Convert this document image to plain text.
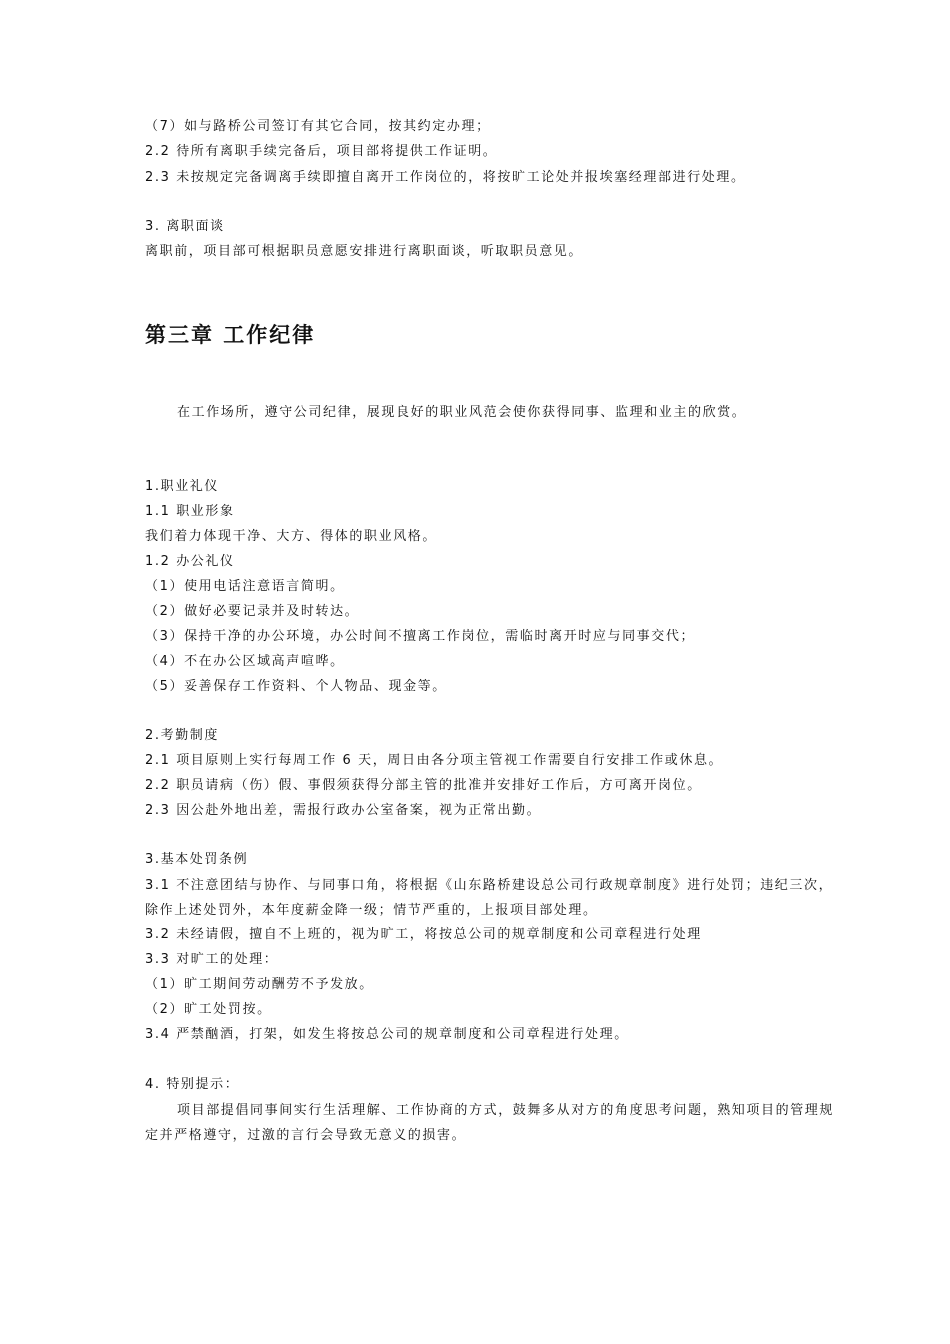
（7）如与路桥公司签订有其它合同，按其约定办理；
2.2 待所有离职手续完备后，项目部将提供工作证明。
2.3 未按规定完备调离手续即擅自离开工作岗位的，将按旷工论处并报埃塞经理部进行处理。
3. 离职面谈
离职前，项目部可根据职员意愿安排进行离职面谈，听取职员意见。
第三章 工作纪律
在工作场所，遵守公司纪律，展现良好的职业风范会使你获得同事、监理和业主的欣赏。
1.职业礼仪
1.1 职业形象
我们着力体现干净、大方、得体的职业风格。
1.2 办公礼仪
（1）使用电话注意语言简明。
（2）做好必要记录并及时转达。
（3）保持干净的办公环境，办公时间不擅离工作岗位，需临时离开时应与同事交代；
（4）不在办公区域高声喧哗。
（5）妥善保存工作资料、个人物品、现金等。
2.考勤制度
2.1 项目原则上实行每周工作 6 天，周日由各分项主管视工作需要自行安排工作或休息。
2.2 职员请病（伤）假、事假须获得分部主管的批准并安排好工作后，方可离开岗位。
2.3 因公赴外地出差，需报行政办公室备案，视为正常出勤。
3.基本处罚条例
3.1 不注意团结与协作、与同事口角，将根据《山东路桥建设总公司行政规章制度》进行处罚；违纪三次，除作上述处罚外，本年度薪金降一级；情节严重的，上报项目部处理。
3.2 未经请假，擅自不上班的，视为旷工，将按总公司的规章制度和公司章程进行处理
3.3 对旷工的处理：
（1）旷工期间劳动酬劳不予发放。
（2）旷工处罚按。
3.4 严禁酗酒，打架，如发生将按总公司的规章制度和公司章程进行处理。
4. 特别提示：
项目部提倡同事间实行生活理解、工作协商的方式，鼓舞多从对方的角度思考问题，熟知项目的管理规定并严格遵守，过激的言行会导致无意义的损害。
